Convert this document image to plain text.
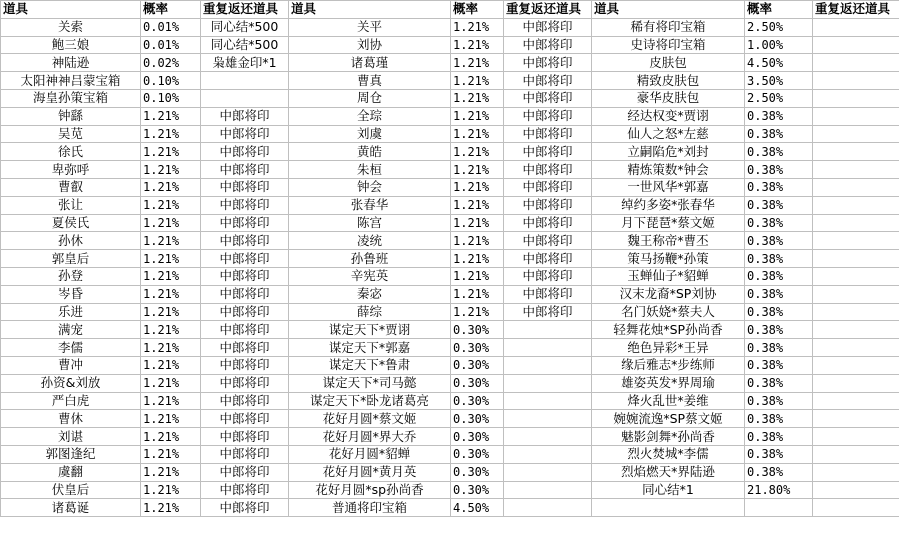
道具	概率	重复返还道具	道具	概率	重复返还道具	道具	概率	重复返还道具
关索	0.01%	同心结*500	关平	1.21%	中郎将印	稀有将印宝箱	2.50%	
鲍三娘	0.01%	同心结*500	刘协	1.21%	中郎将印	史诗将印宝箱	1.00%	
神陆逊	0.02%	枭雄金印*1	诸葛瑾	1.21%	中郎将印	皮肤包	4.50%	
太阳神神吕蒙宝箱	0.10%		曹真	1.21%	中郎将印	精致皮肤包	3.50%	
海皇孙策宝箱	0.10%		周仓	1.21%	中郎将印	豪华皮肤包	2.50%	
钟繇	1.21%	中郎将印	全琮	1.21%	中郎将印	经达权变*贾诩	0.38%	
吴苋	1.21%	中郎将印	刘虞	1.21%	中郎将印	仙人之怒*左慈	0.38%	
徐氏	1.21%	中郎将印	黄皓	1.21%	中郎将印	立嗣陷危*刘封	0.38%	
卑弥呼	1.21%	中郎将印	朱桓	1.21%	中郎将印	精炼策数*钟会	0.38%	
曹叡	1.21%	中郎将印	钟会	1.21%	中郎将印	一世风华*郭嘉	0.38%	
张让	1.21%	中郎将印	张春华	1.21%	中郎将印	绰约多姿*张春华	0.38%	
夏侯氏	1.21%	中郎将印	陈宫	1.21%	中郎将印	月下琵琶*蔡文姬	0.38%	
孙休	1.21%	中郎将印	凌统	1.21%	中郎将印	魏王称帝*曹丕	0.38%	
郭皇后	1.21%	中郎将印	孙鲁班	1.21%	中郎将印	策马扬鞭*孙策	0.38%	
孙登	1.21%	中郎将印	辛宪英	1.21%	中郎将印	玉蝉仙子*貂蝉	0.38%	
岑昏	1.21%	中郎将印	秦宓	1.21%	中郎将印	汉末龙裔*SP刘协	0.38%	
乐进	1.21%	中郎将印	薛综	1.21%	中郎将印	名门妖娆*蔡夫人	0.38%	
满宠	1.21%	中郎将印	谋定天下*贾诩	0.30%		轻舞花烛*SP孙尚香	0.38%	
李儒	1.21%	中郎将印	谋定天下*郭嘉	0.30%		绝色异彩*王异	0.38%	
曹冲	1.21%	中郎将印	谋定天下*鲁肃	0.30%		缘后雅志*步练师	0.38%	
孙资&刘放	1.21%	中郎将印	谋定天下*司马懿	0.30%		雄姿英发*界周瑜	0.38%	
严白虎	1.21%	中郎将印	谋定天下*卧龙诸葛亮	0.30%		烽火乱世*姜维	0.38%	
曹休	1.21%	中郎将印	花好月圆*蔡文姬	0.30%		婉婉流逸*SP蔡文姬	0.38%	
刘谌	1.21%	中郎将印	花好月圆*界大乔	0.30%		魅影剑舞*孙尚香	0.38%	
郭图逢纪	1.21%	中郎将印	花好月圆*貂蝉	0.30%		烈火焚城*李儒	0.38%	
虞翻	1.21%	中郎将印	花好月圆*黄月英	0.30%		烈焰燃天*界陆逊	0.38%	
伏皇后	1.21%	中郎将印	花好月圆*sp孙尚香	0.30%		同心结*1	21.80%	
诸葛诞	1.21%	中郎将印	普通将印宝箱	4.50%				
